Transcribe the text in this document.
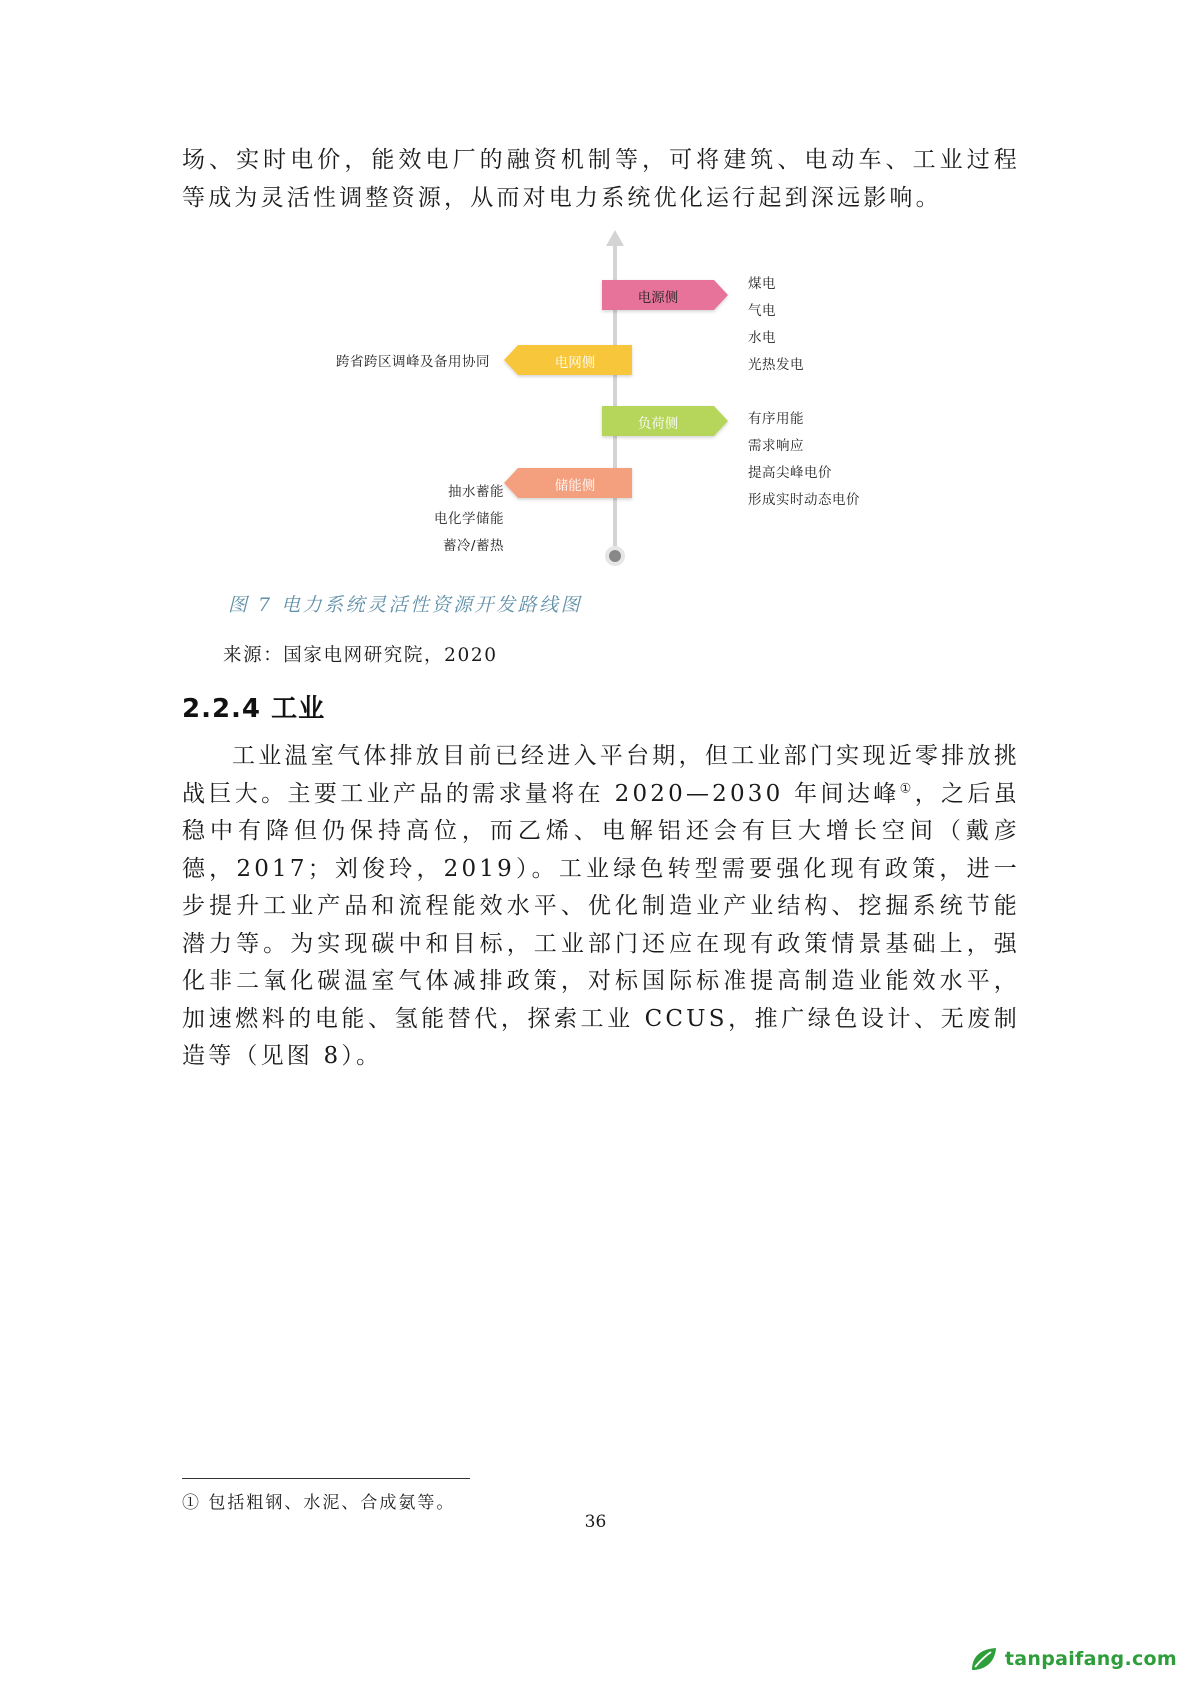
场、实时电价，能效电厂的融资机制等，可将建筑、电动车、工业过程等成为灵活性调整资源，从而对电力系统优化运行起到深远影响。

电源侧
电网侧
负荷侧
储能侧
煤电
气电
水电
光热发电
跨省跨区调峰及备用协同
有序用能
需求响应
提高尖峰电价
形成实时动态电价
抽水蓄能
电化学储能
蓄冷/蓄热

图 7 电力系统灵活性资源开发路线图

来源：国家电网研究院，2020

2.2.4 工业

工业温室气体排放目前已经进入平台期，但工业部门实现近零排放挑战巨大。主要工业产品的需求量将在 2020—2030 年间达峰①，之后虽稳中有降但仍保持高位，而乙烯、电解铝还会有巨大增长空间（戴彦德，2017；刘俊玲，2019）。工业绿色转型需要强化现有政策，进一步提升工业产品和流程能效水平、优化制造业产业结构、挖掘系统节能潜力等。为实现碳中和目标，工业部门还应在现有政策情景基础上，强化非二氧化碳温室气体减排政策，对标国际标准提高制造业能效水平，加速燃料的电能、氢能替代，探索工业 CCUS，推广绿色设计、无废制造等（见图 8）。

① 包括粗钢、水泥、合成氨等。

36

tanpaifang.com
